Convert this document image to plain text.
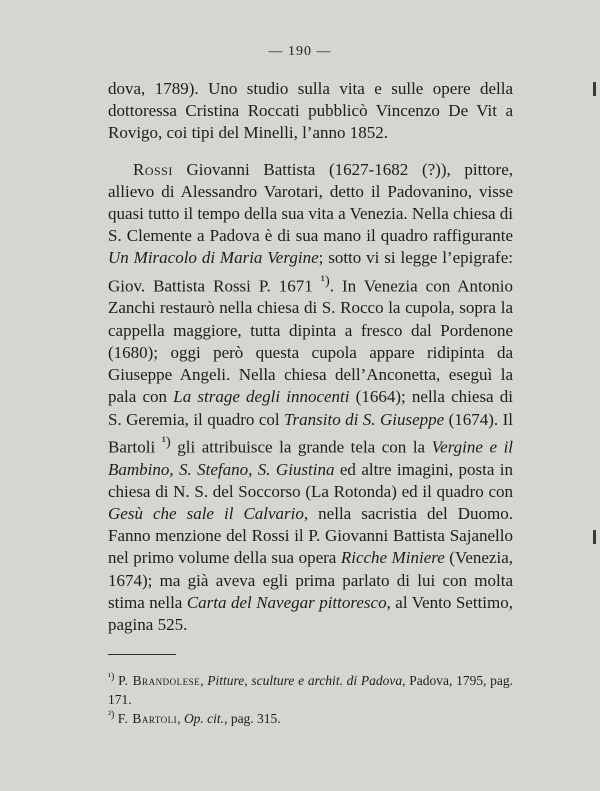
— 190 —

dova, 1789). Uno studio sulla vita e sulle opere della dottoressa Cristina Roccati pubblicò Vincenzo De Vit a Rovigo, coi tipi del Minelli, l’anno 1852.

Rossi Giovanni Battista (1627-1682 (?)), pittore, allievo di Alessandro Varotari, detto il Padovanino, visse quasi tutto il tempo della sua vita a Venezia. Nella chiesa di S. Clemente a Padova è di sua mano il quadro raffigurante Un Miracolo di Maria Vergine; sotto vi si legge l’epigrafe: Giov. Battista Rossi P. 1671 $^{^1)}$. In Venezia con Antonio Zanchi restaurò nella chiesa di S. Rocco la cupola, sopra la cappella maggiore, tutta dipinta a fresco dal Pordenone (1680); oggi però questa cupola appare ridipinta da Giuseppe Angeli. Nella chiesa dell’Anconetta, eseguì la pala con La strage degli innocenti (1664); nella chiesa di S. Geremia, il quadro col Transito di S. Giuseppe (1674). Il Bartoli $^{^1)}$ gli attribuisce la grande tela con la Vergine e il Bambino, S. Stefano, S. Giustina ed altre imagini, posta in chiesa di N. S. del Soccorso (La Rotonda) ed il quadro con Gesù che sale il Calvario, nella sacristia del Duomo. Fanno menzione del Rossi il P. Giovanni Battista Sajanello nel primo volume della sua opera Ricche Miniere (Venezia, 1674); ma già aveva egli prima parlato di lui con molta stima nella Carta del Navegar pittoresco, al Vento Settimo, pagina 525.

$^{^1)}$ P. Brandolese, Pitture, sculture e archit. di Padova, Padova, 1795, pag. 171.

$^{^2)}$ F. Bartoli, Op. cit., pag. 315.
